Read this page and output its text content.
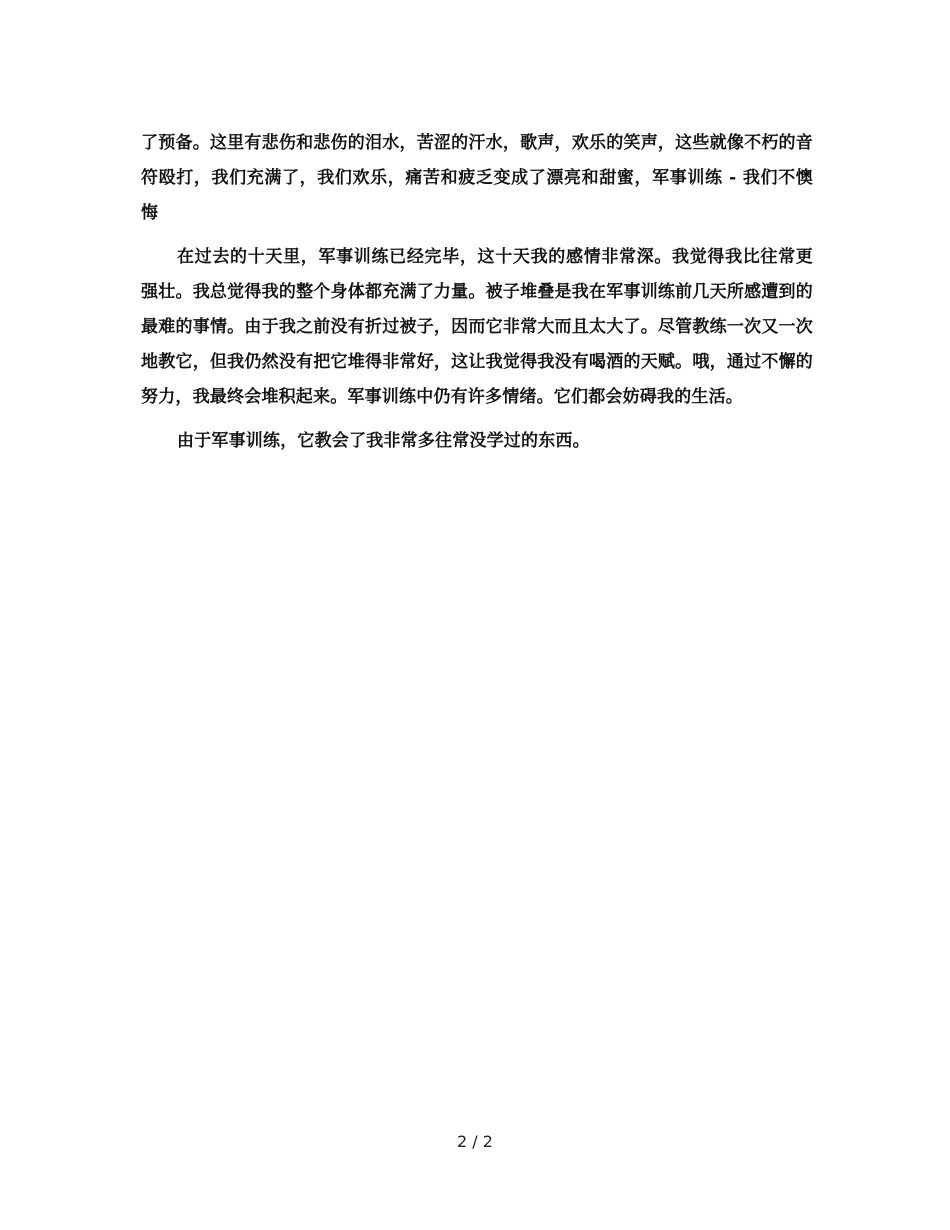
了预备。这里有悲伤和悲伤的泪水，苦涩的汗水，歌声，欢乐的笑声，这些就像不朽的音符殴打，我们充满了，我们欢乐，痛苦和疲乏变成了漂亮和甜蜜，军事训练 - 我们不懊悔

在过去的十天里，军事训练已经完毕，这十天我的感情非常深。我觉得我比往常更强壮。我总觉得我的整个身体都充满了力量。被子堆叠是我在军事训练前几天所感遭到的最难的事情。由于我之前没有折过被子，因而它非常大而且太大了。尽管教练一次又一次地教它，但我仍然没有把它堆得非常好，这让我觉得我没有喝酒的天赋。哦，通过不懈的努力，我最终会堆积起来。军事训练中仍有许多情绪。它们都会妨碍我的生活。

由于军事训练，它教会了我非常多往常没学过的东西。

2 / 2
